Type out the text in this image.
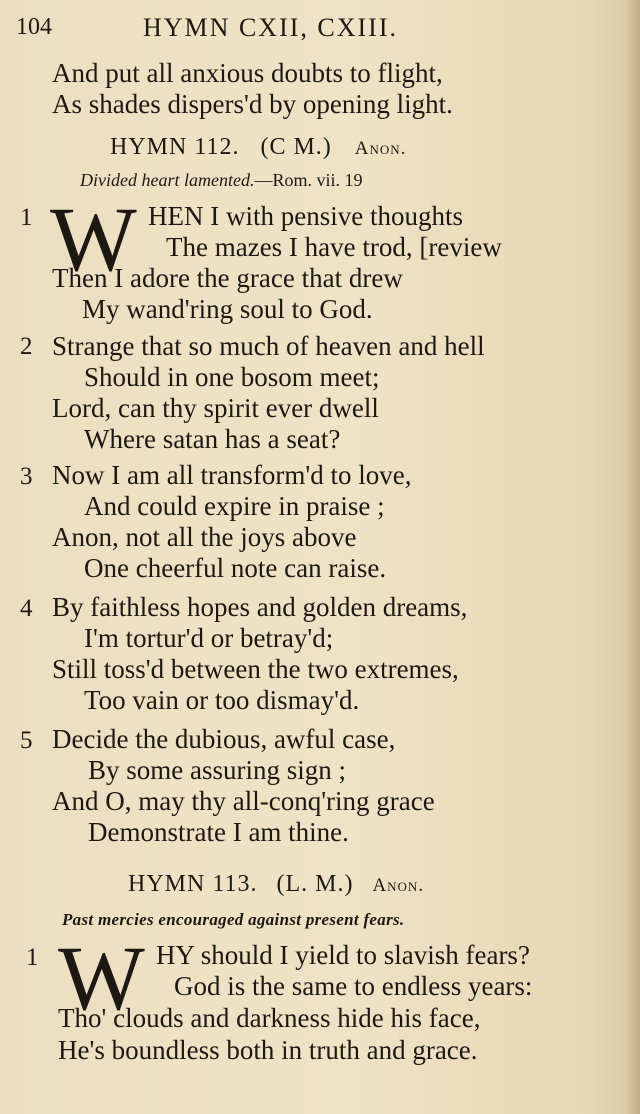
104	HYMN CXII, CXIII.
And put all anxious doubts to flight,
As shades dispers'd by opening light.
HYMN 112. (C M.) Anon.
Divided heart lamented.—Rom. vii. 19
1 W HEN I with pensive thoughts
The mazes I have trod, [review
Then I adore the grace that drew
My wand'ring soul to God.
2 Strange that so much of heaven and hell
Should in one bosom meet;
Lord, can thy spirit ever dwell
Where satan has a seat?
3 Now I am all transform'd to love,
And could expire in praise ;
Anon, not all the joys above
One cheerful note can raise.
4 By faithless hopes and golden dreams,
I'm tortur'd or betray'd;
Still toss'd between the two extremes,
Too vain or too dismay'd.
5 Decide the dubious, awful case,
By some assuring sign ;
And O, may thy all-conq'ring grace
Demonstrate I am thine.
HYMN 113. (L. M.) Anon.
Past mercies encouraged against present fears.
1 W HY should I yield to slavish fears?
God is the same to endless years:
Tho' clouds and darkness hide his face,
He's boundless both in truth and grace.
